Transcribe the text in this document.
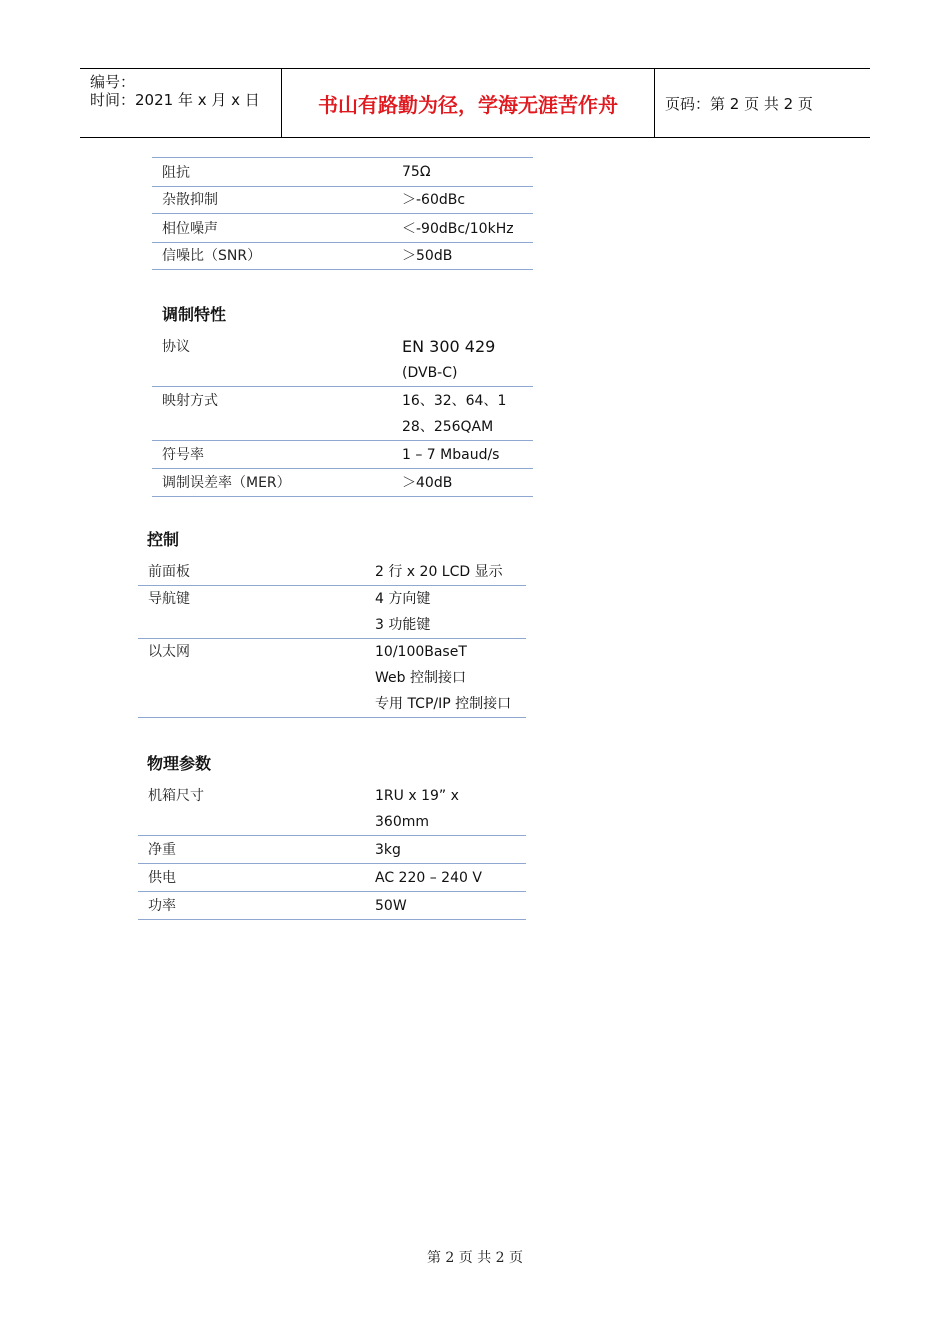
编号：
时间：2021 年 x 月 x 日	书山有路勤为径，学海无涯苦作舟	页码：第 2 页 共 2 页
阻抗	75Ω

杂散抑制	＞-60dBc

相位噪声	＜-90dBc/10kHz

信噪比（SNR）	＞50dB
调制特性
协议	EN 300 429
(DVB-C)

映射方式	16、32、64、1
28、256QAM

符号率	1 – 7 Mbaud/s

调制误差率（MER）	＞40dB
控制
前面板	2 行 x 20 LCD 显示

导航键	4 方向键
3 功能键

以太网	10/100BaseT
Web 控制接口
专用 TCP/IP 控制接口
物理参数
机箱尺寸	1RU x 19” x
360mm

净重	3kg

供电	AC 220 – 240 V

功率	50W
第 2 页 共 2 页
